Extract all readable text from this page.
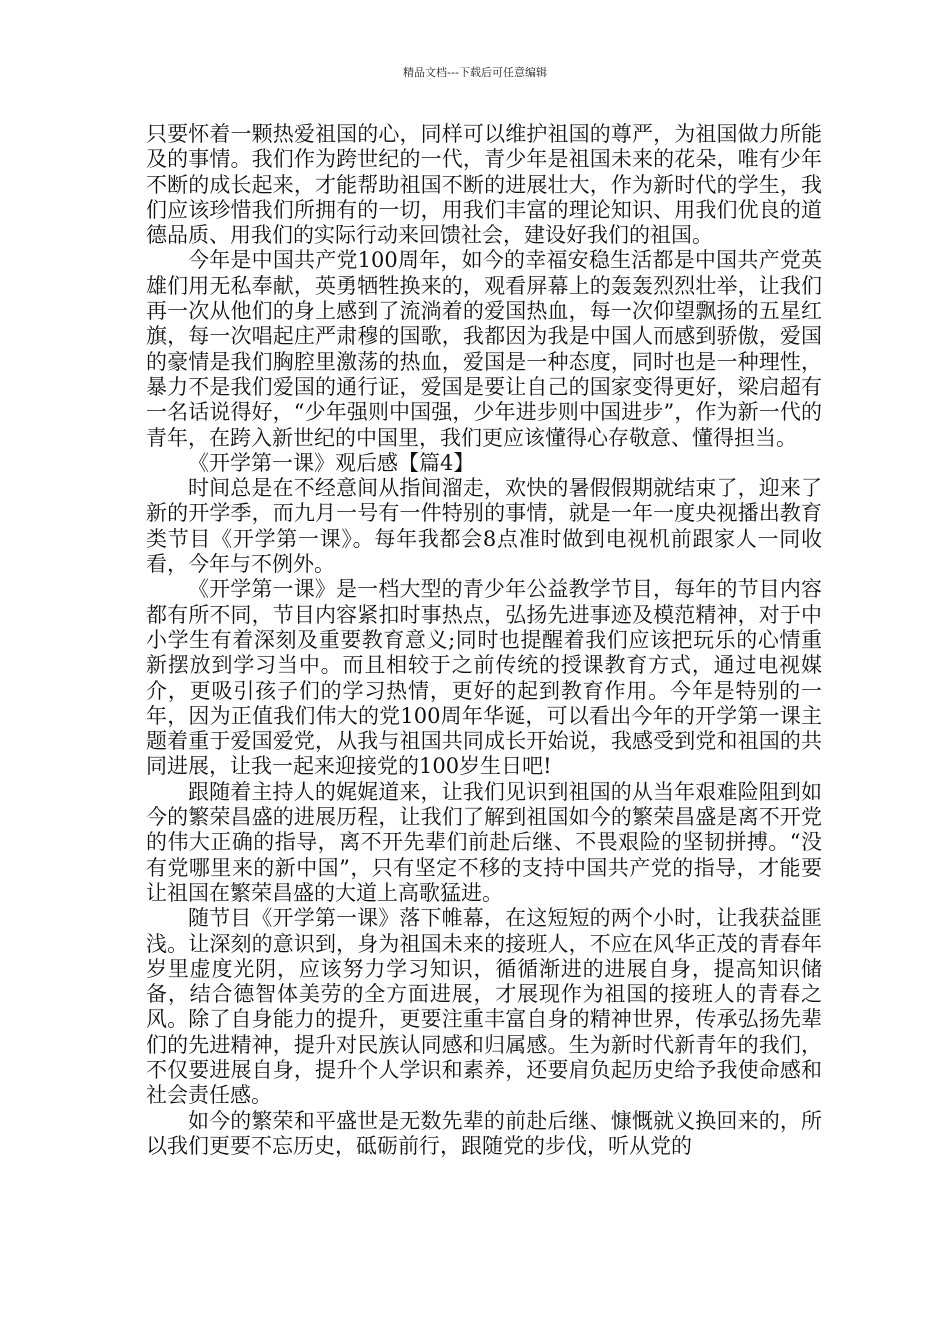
精品文档---下载后可任意编辑

只要怀着一颗热爱祖国的心，同样可以维护祖国的尊严，为祖国做力所能及的事情。我们作为跨世纪的一代，青少年是祖国未来的花朵，唯有少年不断的成长起来，才能帮助祖国不断的进展壮大，作为新时代的学生，我们应该珍惜我们所拥有的一切，用我们丰富的理论知识、用我们优良的道德品质、用我们的实际行动来回馈社会，建设好我们的祖国。

今年是中国共产党100周年，如今的幸福安稳生活都是中国共产党英雄们用无私奉献，英勇牺牲换来的，观看屏幕上的轰轰烈烈壮举，让我们再一次从他们的身上感到了流淌着的爱国热血，每一次仰望飘扬的五星红旗，每一次唱起庄严肃穆的国歌，我都因为我是中国人而感到骄傲，爱国的豪情是我们胸腔里激荡的热血，爱国是一种态度，同时也是一种理性，暴力不是我们爱国的通行证，爱国是要让自己的国家变得更好，梁启超有一名话说得好，“少年强则中国强，少年进步则中国进步”，作为新一代的青年，在跨入新世纪的中国里，我们更应该懂得心存敬意、懂得担当。

《开学第一课》观后感【篇4】

时间总是在不经意间从指间溜走，欢快的暑假假期就结束了，迎来了新的开学季，而九月一号有一件特别的事情，就是一年一度央视播出教育类节目《开学第一课》。每年我都会8点准时做到电视机前跟家人一同收看，今年与不例外。

《开学第一课》是一档大型的青少年公益教学节目，每年的节目内容都有所不同，节目内容紧扣时事热点，弘扬先进事迹及模范精神，对于中小学生有着深刻及重要教育意义;同时也提醒着我们应该把玩乐的心情重新摆放到学习当中。而且相较于之前传统的授课教育方式，通过电视媒介，更吸引孩子们的学习热情，更好的起到教育作用。今年是特别的一年，因为正值我们伟大的党100周年华诞，可以看出今年的开学第一课主题着重于爱国爱党，从我与祖国共同成长开始说，我感受到党和祖国的共同进展，让我一起来迎接党的100岁生日吧!

跟随着主持人的娓娓道来，让我们见识到祖国的从当年艰难险阻到如今的繁荣昌盛的进展历程，让我们了解到祖国如今的繁荣昌盛是离不开党的伟大正确的指导，离不开先辈们前赴后继、不畏艰险的坚韧拼搏。“没有党哪里来的新中国”，只有坚定不移的支持中国共产党的指导，才能要让祖国在繁荣昌盛的大道上高歌猛进。

随节目《开学第一课》落下帷幕，在这短短的两个小时，让我获益匪浅。让深刻的意识到，身为祖国未来的接班人，不应在风华正茂的青春年岁里虚度光阴，应该努力学习知识，循循渐进的进展自身，提高知识储备，结合德智体美劳的全方面进展，才展现作为祖国的接班人的青春之风。除了自身能力的提升，更要注重丰富自身的精神世界，传承弘扬先辈们的先进精神，提升对民族认同感和归属感。生为新时代新青年的我们，不仅要进展自身，提升个人学识和素养，还要肩负起历史给予我使命感和社会责任感。

如今的繁荣和平盛世是无数先辈的前赴后继、慷慨就义换回来的，所以我们更要不忘历史，砥砺前行，跟随党的步伐，听从党的
